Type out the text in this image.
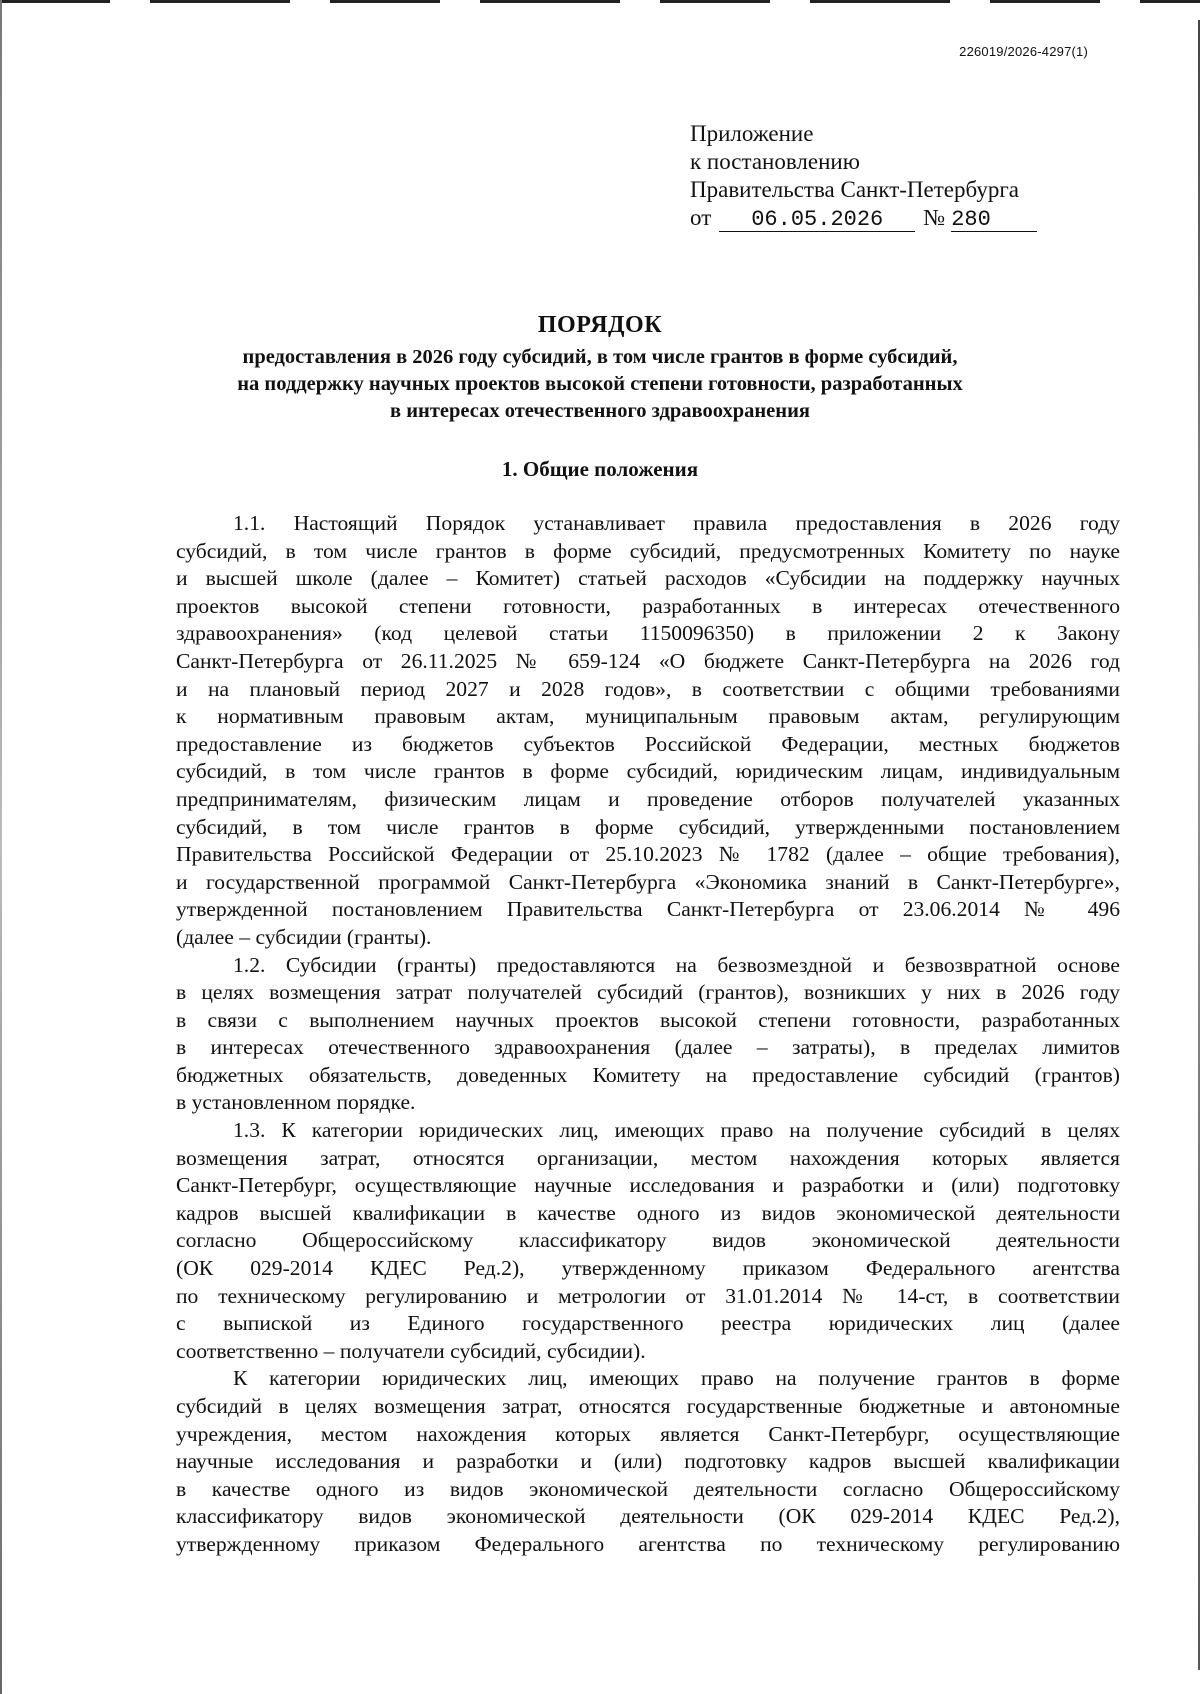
226019/2026-4297(1)
Приложение
к постановлению
Правительства Санкт-Петербурга
от 06.05.2026 № 280
ПОРЯДОК
предоставления в 2026 году субсидий, в том числе грантов в форме субсидий,
на поддержку научных проектов высокой степени готовности, разработанных
в интересах отечественного здравоохранения
1. Общие положения
1.1. Настоящий Порядок устанавливает правила предоставления в 2026 году
субсидий, в том числе грантов в форме субсидий, предусмотренных Комитету по науке
и высшей школе (далее – Комитет) статьей расходов «Субсидии на поддержку научных
проектов высокой степени готовности, разработанных в интересах отечественного
здравоохранения» (код целевой статьи 1150096350) в приложении 2 к Закону
Санкт-Петербурга от 26.11.2025 № 659-124 «О бюджете Санкт-Петербурга на 2026 год
и на плановый период 2027 и 2028 годов», в соответствии с общими требованиями
к нормативным правовым актам, муниципальным правовым актам, регулирующим
предоставление из бюджетов субъектов Российской Федерации, местных бюджетов
субсидий, в том числе грантов в форме субсидий, юридическим лицам, индивидуальным
предпринимателям, физическим лицам и проведение отборов получателей указанных
субсидий, в том числе грантов в форме субсидий, утвержденными постановлением
Правительства Российской Федерации от 25.10.2023 № 1782 (далее – общие требования),
и государственной программой Санкт-Петербурга «Экономика знаний в Санкт-Петербурге»,
утвержденной постановлением Правительства Санкт-Петербурга от 23.06.2014 № 496
(далее – субсидии (гранты).
1.2. Субсидии (гранты) предоставляются на безвозмездной и безвозвратной основе
в целях возмещения затрат получателей субсидий (грантов), возникших у них в 2026 году
в связи с выполнением научных проектов высокой степени готовности, разработанных
в интересах отечественного здравоохранения (далее – затраты), в пределах лимитов
бюджетных обязательств, доведенных Комитету на предоставление субсидий (грантов)
в установленном порядке.
1.3. К категории юридических лиц, имеющих право на получение субсидий в целях
возмещения затрат, относятся организации, местом нахождения которых является
Санкт-Петербург, осуществляющие научные исследования и разработки и (или) подготовку
кадров высшей квалификации в качестве одного из видов экономической деятельности
согласно Общероссийскому классификатору видов экономической деятельности
(ОК 029-2014 КДЕС Ред.2), утвержденному приказом Федерального агентства
по техническому регулированию и метрологии от 31.01.2014 № 14-ст, в соответствии
с выпиской из Единого государственного реестра юридических лиц (далее
соответственно – получатели субсидий, субсидии).
К категории юридических лиц, имеющих право на получение грантов в форме
субсидий в целях возмещения затрат, относятся государственные бюджетные и автономные
учреждения, местом нахождения которых является Санкт-Петербург, осуществляющие
научные исследования и разработки и (или) подготовку кадров высшей квалификации
в качестве одного из видов экономической деятельности согласно Общероссийскому
классификатору видов экономической деятельности (ОК 029-2014 КДЕС Ред.2),
утвержденному приказом Федерального агентства по техническому регулированию
